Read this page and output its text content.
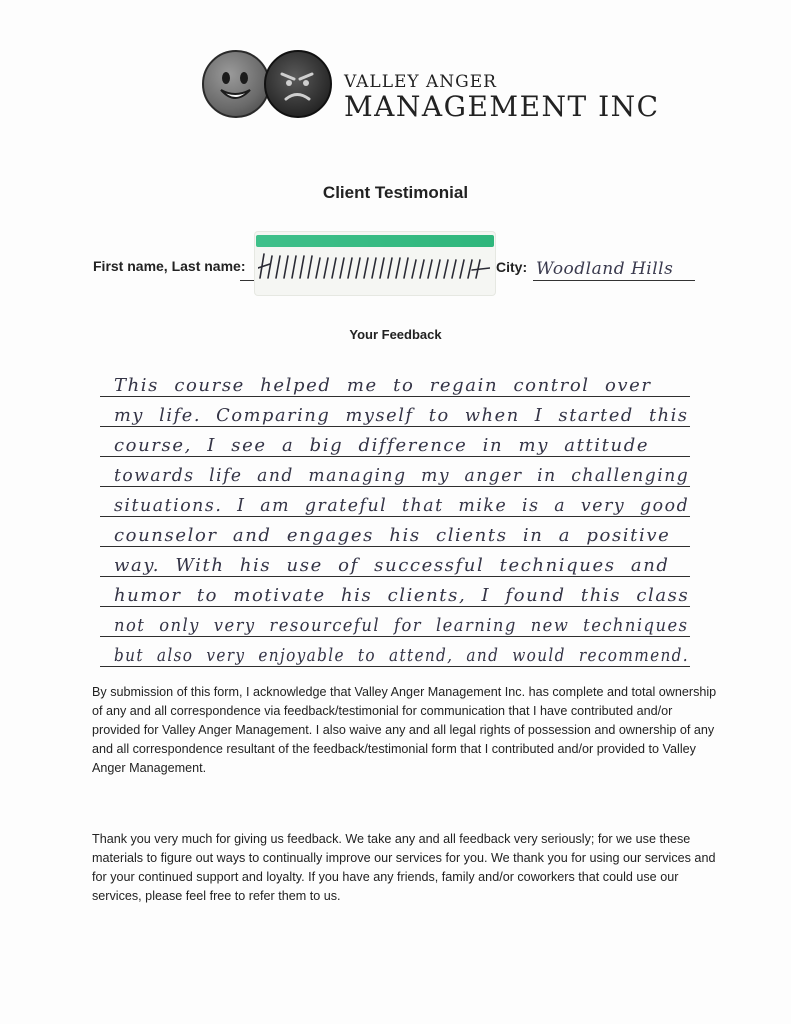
VALLEY ANGER
MANAGEMENT INC
Client Testimonial
First name, Last name:	City: Woodland Hills
Your Feedback
This course helped me to regain control over
my life. Comparing myself to when I started this
course, I see a big difference in my attitude
towards life and managing my anger in challenging
situations. I am grateful that mike is a very good
counselor and engages his clients in a positive
way. With his use of successful techniques and
humor to motivate his clients, I found this class
not only very resourceful for learning new techniques
but also very enjoyable to attend, and would recommend.
By submission of this form, I acknowledge that Valley Anger Management Inc. has complete and total ownership of any and all correspondence via feedback/testimonial for communication that I have contributed and/or provided for Valley Anger Management. I also waive any and all legal rights of possession and ownership of any and all correspondence resultant of the feedback/testimonial form that I contributed and/or provided to Valley Anger Management.
Thank you very much for giving us feedback. We take any and all feedback very seriously; for we use these materials to figure out ways to continually improve our services for you. We thank you for using our services and for your continued support and loyalty. If you have any friends, family and/or coworkers that could use our services, please feel free to refer them to us.
